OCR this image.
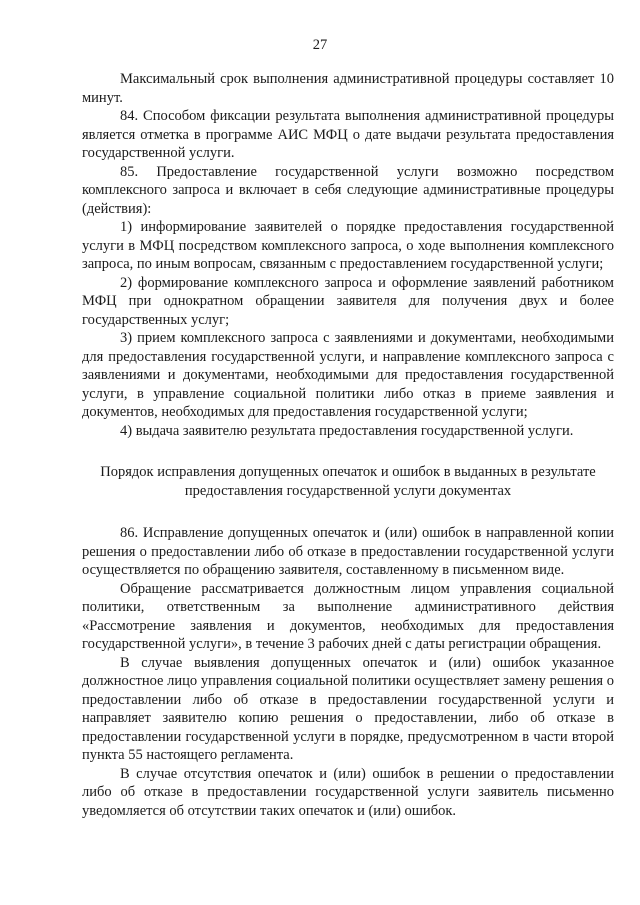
27

Максимальный срок выполнения административной процедуры составляет 10 минут.

84. Способом фиксации результата выполнения административной процедуры является отметка в программе АИС МФЦ о дате выдачи результата предоставления государственной услуги.

85. Предоставление государственной услуги возможно посредством комплексного запроса и включает в себя следующие административные процедуры (действия):

1) информирование заявителей о порядке предоставления государственной услуги в МФЦ посредством комплексного запроса, о ходе выполнения комплексного запроса, по иным вопросам, связанным с предоставлением государственной услуги;

2) формирование комплексного запроса и оформление заявлений работником МФЦ при однократном обращении заявителя для получения двух и более государственных услуг;

3) прием комплексного запроса с заявлениями и документами, необходимыми для предоставления государственной услуги, и направление комплексного запроса с заявлениями и документами, необходимыми для предоставления государственной услуги, в управление социальной политики либо отказ в приеме заявления и документов, необходимых для предоставления государственной услуги;

4) выдача заявителю результата предоставления государственной услуги.

Порядок исправления допущенных опечаток и ошибок в выданных в результате предоставления государственной услуги документах

86. Исправление допущенных опечаток и (или) ошибок в направленной копии решения о предоставлении либо об отказе в предоставлении государственной услуги осуществляется по обращению заявителя, составленному в письменном виде.

Обращение рассматривается должностным лицом управления социальной политики, ответственным за выполнение административного действия «Рассмотрение заявления и документов, необходимых для предоставления государственной услуги», в течение 3 рабочих дней с даты регистрации обращения.

В случае выявления допущенных опечаток и (или) ошибок указанное должностное лицо управления социальной политики осуществляет замену решения о предоставлении либо об отказе в предоставлении государственной услуги и направляет заявителю копию решения о предоставлении, либо об отказе в предоставлении государственной услуги в порядке, предусмотренном в части второй пункта 55 настоящего регламента.

В случае отсутствия опечаток и (или) ошибок в решении о предоставлении либо об отказе в предоставлении государственной услуги заявитель письменно уведомляется об отсутствии таких опечаток и (или) ошибок.
